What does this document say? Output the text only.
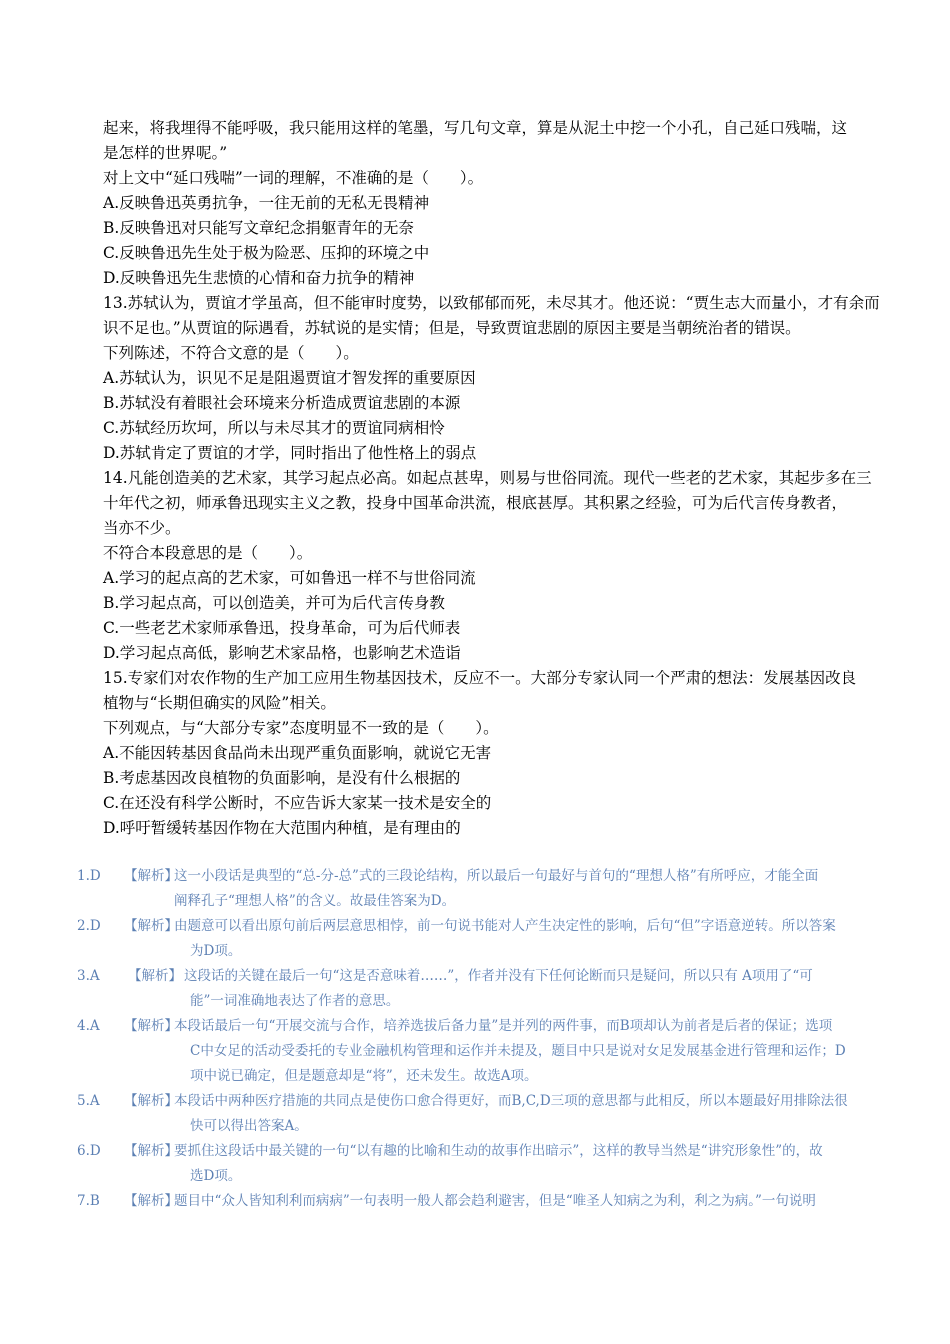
起来，将我埋得不能呼吸，我只能用这样的笔墨，写几句文章，算是从泥土中挖一个小孔，自己延口残喘，这
是怎样的世界呢。”
对上文中“延口残喘”一词的理解，不准确的是（　　）。
A.反映鲁迅英勇抗争，一往无前的无私无畏精神
B.反映鲁迅对只能写文章纪念捐躯青年的无奈
C.反映鲁迅先生处于极为险恶、压抑的环境之中
D.反映鲁迅先生悲愤的心情和奋力抗争的精神
13.苏轼认为，贾谊才学虽高，但不能审时度势，以致郁郁而死，未尽其才。他还说：“贾生志大而量小，才有余而
识不足也。”从贾谊的际遇看，苏轼说的是实情；但是，导致贾谊悲剧的原因主要是当朝统治者的错误。
下列陈述，不符合文意的是（　　）。
A.苏轼认为，识见不足是阻遏贾谊才智发挥的重要原因
B.苏轼没有着眼社会环境来分析造成贾谊悲剧的本源
C.苏轼经历坎坷，所以与未尽其才的贾谊同病相怜
D.苏轼肯定了贾谊的才学，同时指出了他性格上的弱点
14.凡能创造美的艺术家，其学习起点必高。如起点甚卑，则易与世俗同流。现代一些老的艺术家，其起步多在三
十年代之初，师承鲁迅现实主义之教，投身中国革命洪流，根底甚厚。其积累之经验，可为后代言传身教者，
当亦不少。
不符合本段意思的是（　　）。
A.学习的起点高的艺术家，可如鲁迅一样不与世俗同流
B.学习起点高，可以创造美，并可为后代言传身教
C.一些老艺术家师承鲁迅，投身革命，可为后代师表
D.学习起点高低，影响艺术家品格，也影响艺术造诣
15.专家们对农作物的生产加工应用生物基因技术，反应不一。大部分专家认同一个严肃的想法：发展基因改良
植物与“长期但确实的风险”相关。
下列观点，与“大部分专家”态度明显不一致的是（　　）。
A.不能因转基因食品尚未出现严重负面影响，就说它无害
B.考虑基因改良植物的负面影响，是没有什么根据的
C.在还没有科学公断时，不应告诉大家某一技术是安全的
D.呼吁暂缓转基因作物在大范围内种植，是有理由的
1.D 【解析】
这一小段话是典型的“总-分-总”式的三段论结构，所以最后一句最好与首句的“理想人格”有所呼应，才能全面
阐释孔子“理想人格”的含义。故最佳答案为D。
2.D 【解析】
由题意可以看出原句前后两层意思相悖，前一句说书能对人产生决定性的影响，后句“但”字语意逆转。所以答案
为D项。
3.A 【解析】 这段话的关键在最后一句“这是否意味着……”，作者并没有下任何论断而只是疑问，所以只有 A项用了“可
能”一词准确地表达了作者的意思。
4.A 【解析】
本段话最后一句“开展交流与合作，培养选拔后备力量”是并列的两件事，而B项却认为前者是后者的保证；选项
C中女足的活动受委托的专业金融机构管理和运作并未提及，题目中只是说对女足发展基金进行管理和运作；D
项中说已确定，但是题意却是“将”，还未发生。故选A项。
5.A 【解析】
本段话中两种医疗措施的共同点是使伤口愈合得更好，而B,C,D三项的意思都与此相反，所以本题最好用排除法很
快可以得出答案A。
6.D 【解析】
要抓住这段话中最关键的一句“以有趣的比喻和生动的故事作出暗示”，这样的教导当然是“讲究形象性”的，故
选D项。
7.B 【解析】
题目中“众人皆知利利而病病”一句表明一般人都会趋利避害，但是“唯圣人知病之为利，利之为病。”一句说明
